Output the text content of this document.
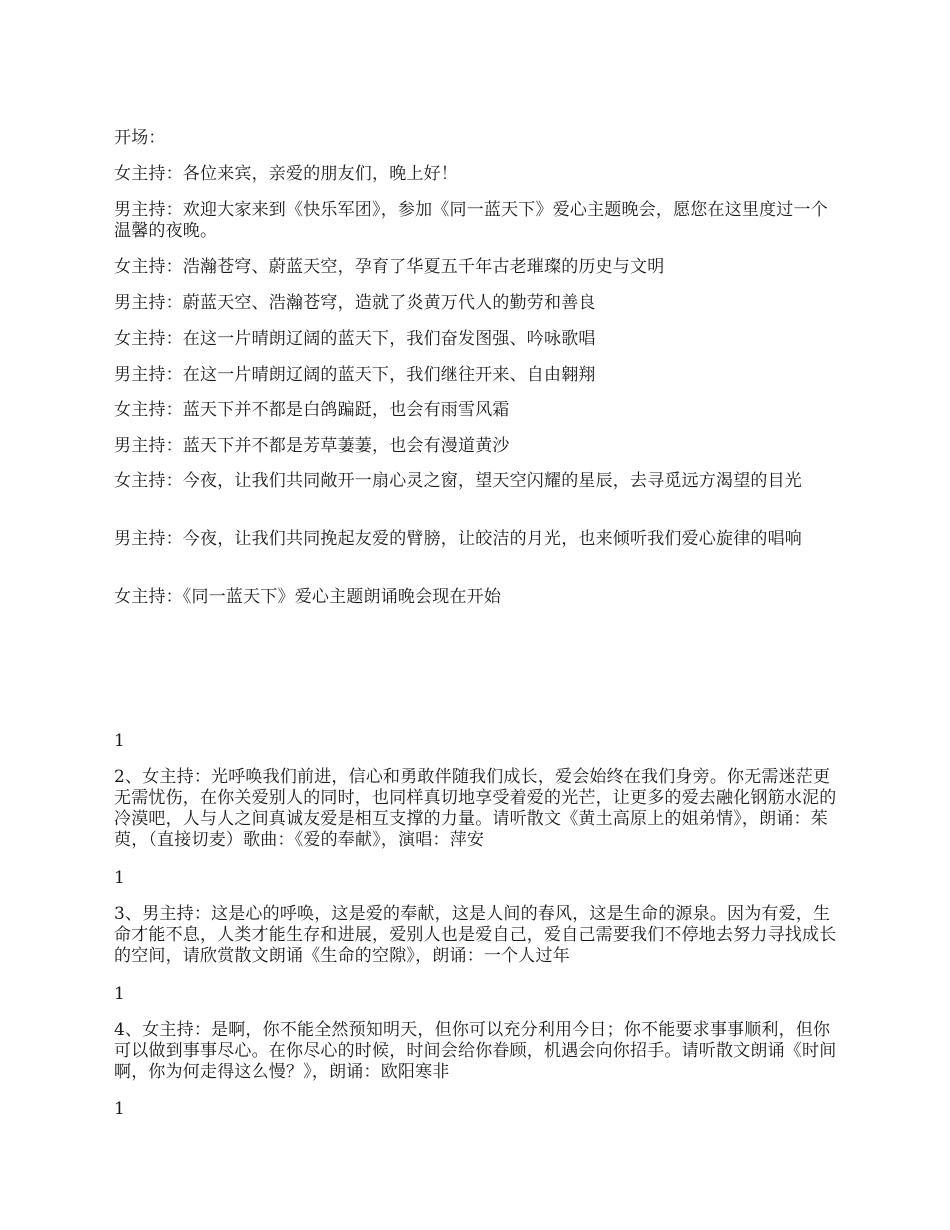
开场：

女主持：各位来宾，亲爱的朋友们，晚上好！

男主持：欢迎大家来到《快乐军团》，参加《同一蓝天下》爱心主题晚会，愿您在这里度过一个温馨的夜晚。

女主持：浩瀚苍穹、蔚蓝天空，孕育了华夏五千年古老璀璨的历史与文明

男主持：蔚蓝天空、浩瀚苍穹，造就了炎黄万代人的勤劳和善良

女主持：在这一片晴朗辽阔的蓝天下，我们奋发图强、吟咏歌唱

男主持：在这一片晴朗辽阔的蓝天下，我们继往开来、自由翱翔

女主持：蓝天下并不都是白鸽蹁跹，也会有雨雪风霜

男主持：蓝天下并不都是芳草萋萋，也会有漫道黄沙

女主持：今夜，让我们共同敞开一扇心灵之窗，望天空闪耀的星辰，去寻觅远方渴望的目光

男主持：今夜，让我们共同挽起友爱的臂膀，让皎洁的月光，也来倾听我们爱心旋律的唱响

女主持：《同一蓝天下》爱心主题朗诵晚会现在开始

1

2、女主持：光呼唤我们前进，信心和勇敢伴随我们成长，爱会始终在我们身旁。你无需迷茫更无需忧伤，在你关爱别人的同时，也同样真切地享受着爱的光芒，让更多的爱去融化钢筋水泥的冷漠吧，人与人之间真诚友爱是相互支撑的力量。请听散文《黄土高原上的姐弟情》，朗诵：茱萸，（直接切麦）歌曲：《爱的奉献》，演唱：萍安

1

3、男主持：这是心的呼唤，这是爱的奉献，这是人间的春风，这是生命的源泉。因为有爱，生命才能不息，人类才能生存和进展，爱别人也是爱自己，爱自己需要我们不停地去努力寻找成长的空间，请欣赏散文朗诵《生命的空隙》，朗诵：一个人过年

1

4、女主持：是啊，你不能全然预知明天，但你可以充分利用今日；你不能要求事事顺利，但你可以做到事事尽心。在你尽心的时候，时间会给你眷顾，机遇会向你招手。请听散文朗诵《时间啊，你为何走得这么慢？》，朗诵：欧阳寒非

1
